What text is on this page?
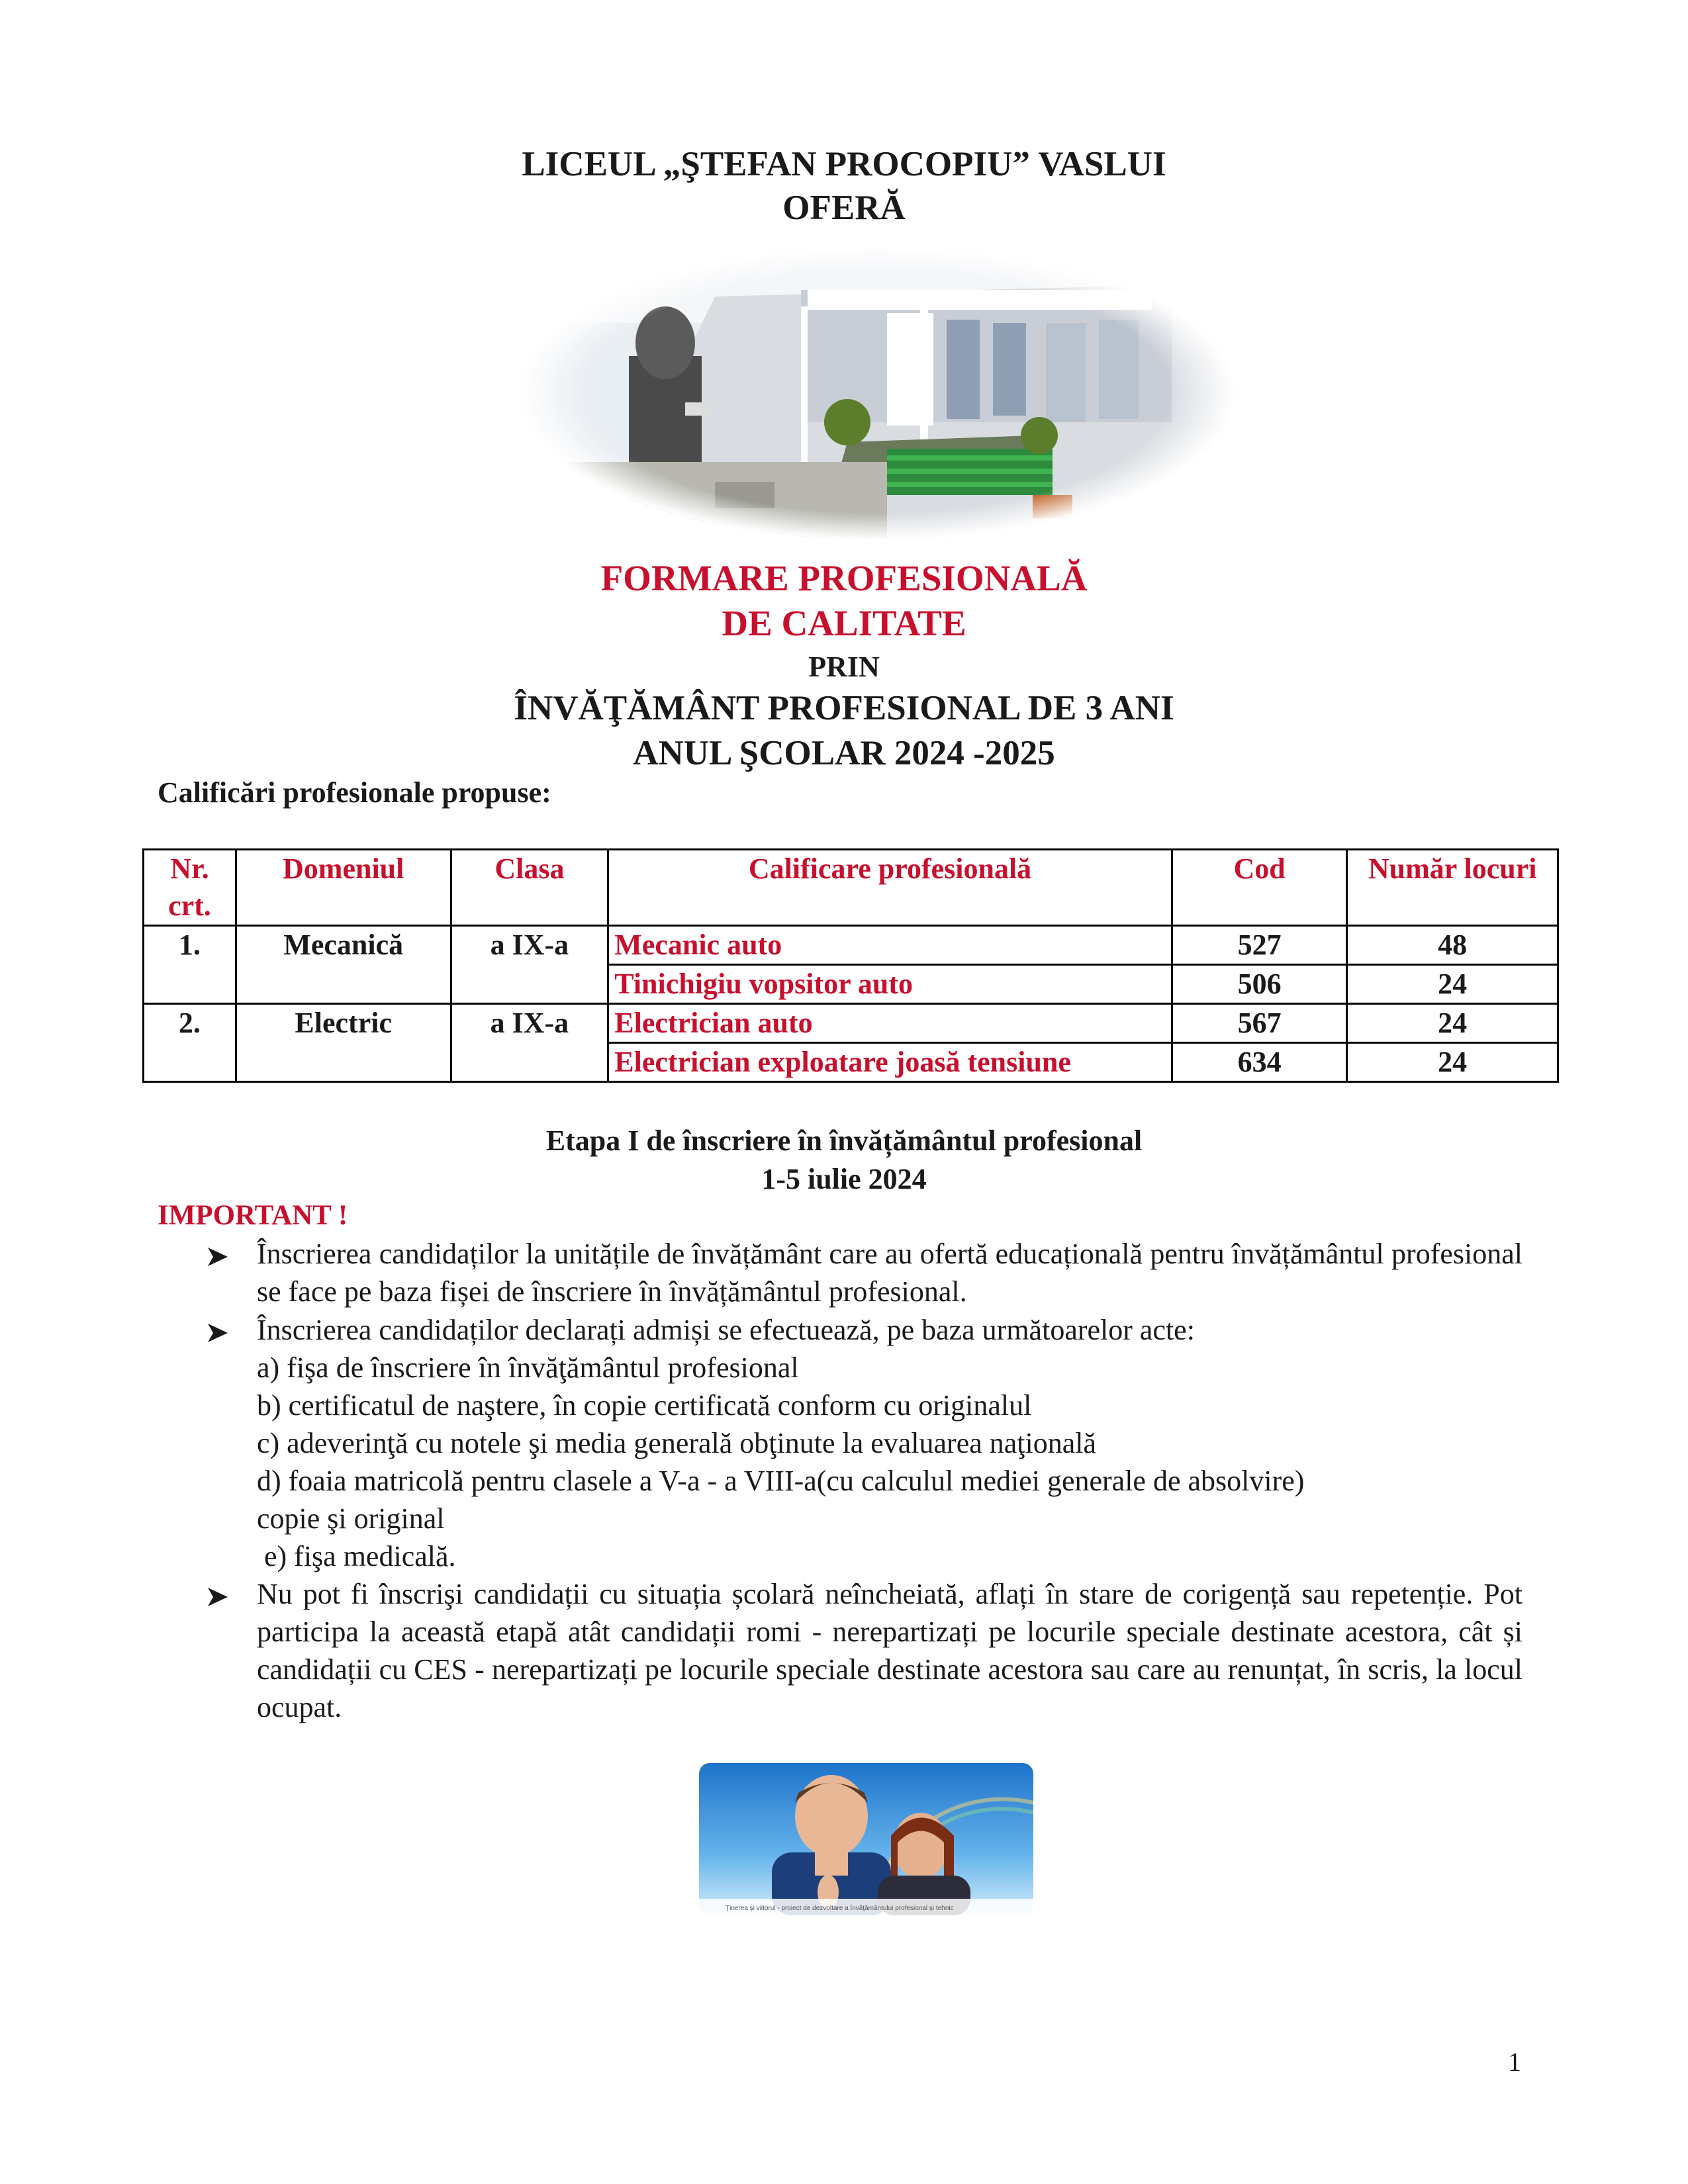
LICEUL „ŞTEFAN PROCOPIU” VASLUI
OFERĂ
FORMARE PROFESIONALĂ
DE CALITATE
PRIN
ÎNVĂŢĂMÂNT PROFESIONAL DE 3 ANI
ANUL ŞCOLAR 2024 -2025
Calificări profesionale propuse:
Nr. crt.	Domeniul	Clasa	Calificare profesională	Cod	Număr locuri
1.	Mecanică	a IX-a	Mecanic auto	527	48
			Tinichigiu vopsitor auto	506	24
2.	Electric	a IX-a	Electrician auto	567	24
			Electrician exploatare joasă tensiune	634	24
Etapa I de înscriere în învățământul profesional
1-5 iulie 2024
IMPORTANT !
Înscrierea candidaților la unitățile de învățământ care au ofertă educațională pentru învățământul profesional se face pe baza fișei de înscriere în învățământul profesional.
Înscrierea candidaților declarați admiși se efectuează, pe baza următoarelor acte:
a) fişa de înscriere în învăţământul profesional
b) certificatul de naştere, în copie certificată conform cu originalul
c) adeverinţă cu notele şi media generală obţinute la evaluarea naţională
d) foaia matricolă pentru clasele a V-a - a VIII-a(cu calculul mediei generale de absolvire)
copie şi original
e) fişa medicală.
Nu pot fi înscrişi candidații cu situația școlară neîncheiată, aflați în stare de corigență sau repetenție. Pot participa la această etapă atât candidații romi - nerepartizați pe locurile speciale destinate acestora, cât și candidații cu CES - nerepartizați pe locurile speciale destinate acestora sau care au renunțat, în scris, la locul ocupat.
Ţinerea şi viitorul - proiect de dezvoltare a învăţământului profesional şi tehnic
1
